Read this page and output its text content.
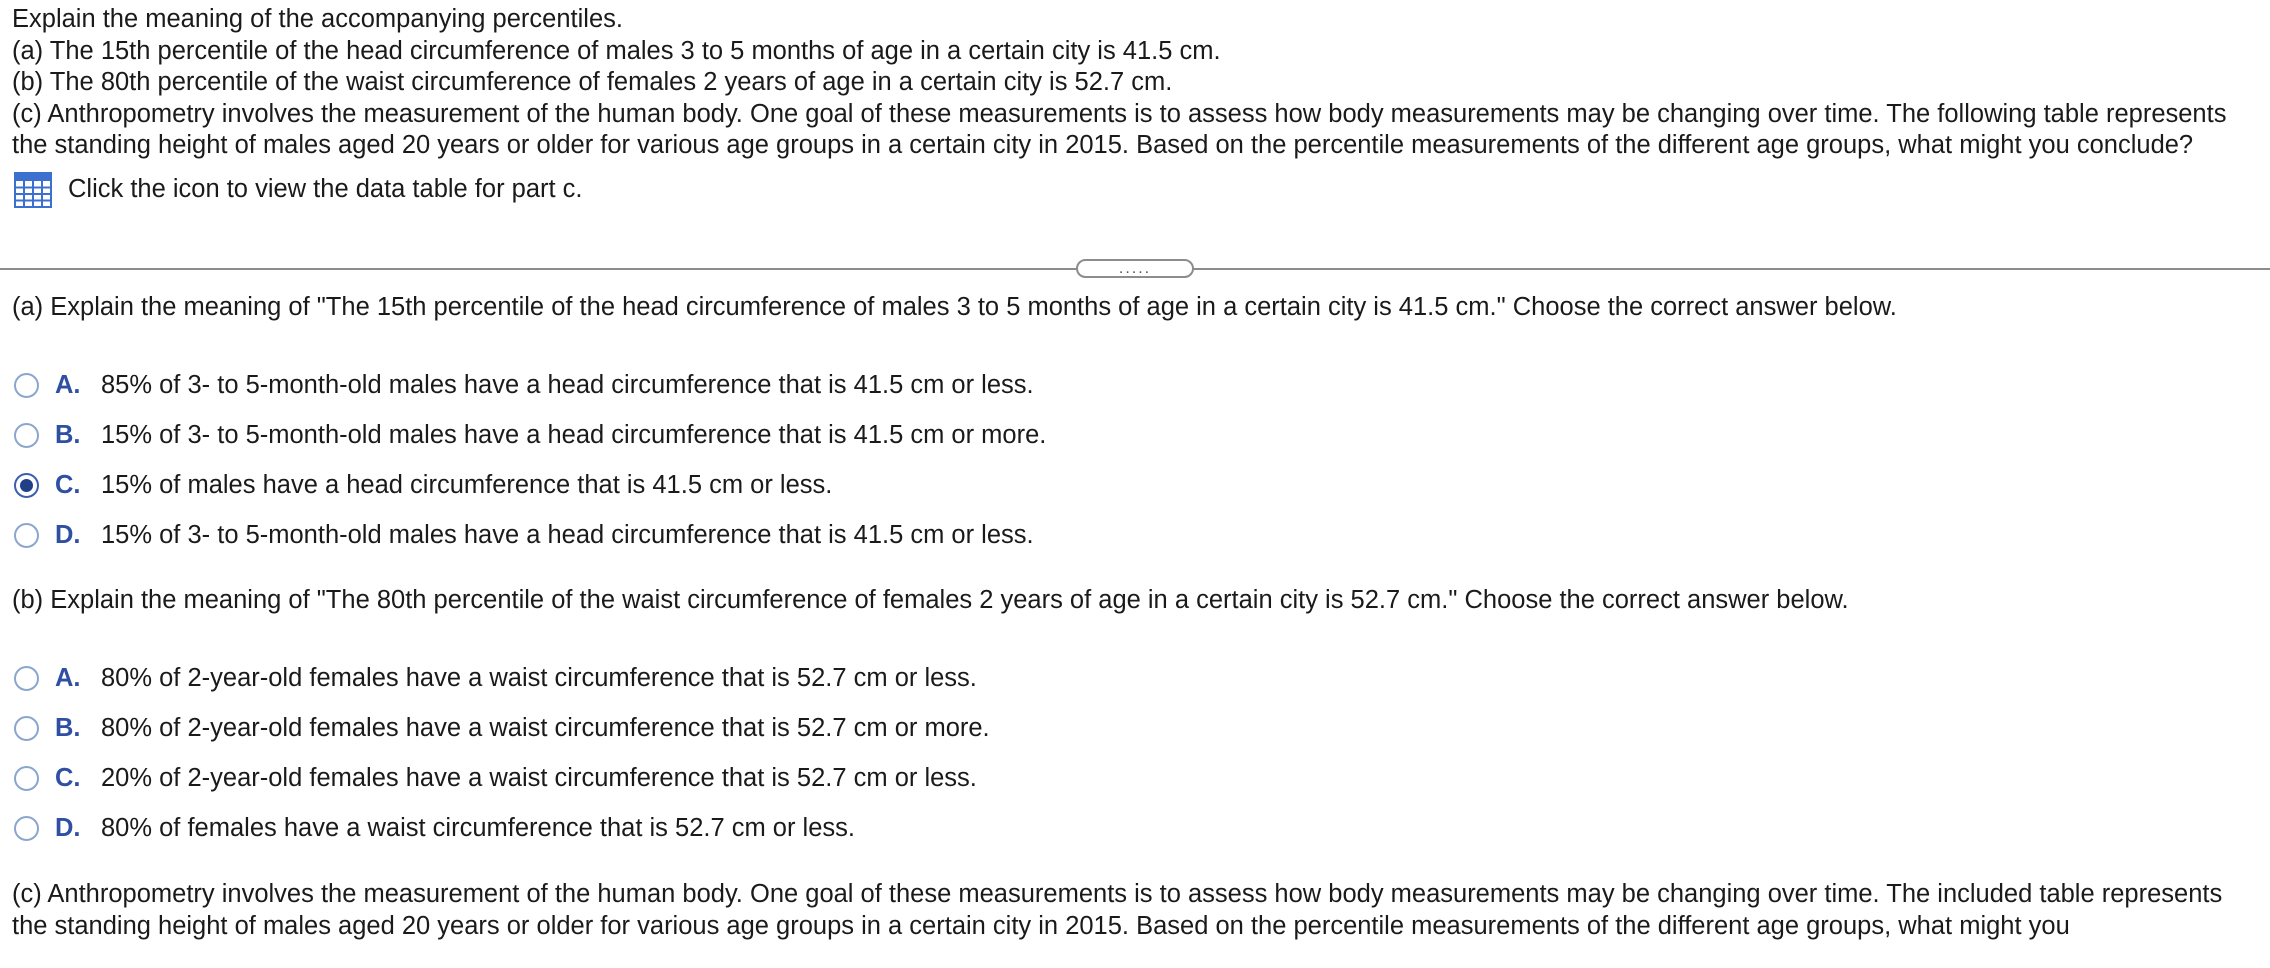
Explain the meaning of the accompanying percentiles.

(a) The 15th percentile of the head circumference of males 3 to 5 months of age in a certain city is 41.5 cm.

(b) The 80th percentile of the waist circumference of females 2 years of age in a certain city is 52.7 cm.

(c) Anthropometry involves the measurement of the human body. One goal of these measurements is to assess how body measurements may be changing over time. The following table represents the standing height of males aged 20 years or older for various age groups in a certain city in 2015. Based on the percentile measurements of the different age groups, what might you conclude?

Click the icon to view the data table for part c.
.....
(a) Explain the meaning of "The 15th percentile of the head circumference of males 3 to 5 months of age in a certain city is 41.5 cm." Choose the correct answer below.
A. 85% of 3- to 5-month-old males have a head circumference that is 41.5 cm or less.
B. 15% of 3- to 5-month-old males have a head circumference that is 41.5 cm or more.
C. 15% of males have a head circumference that is 41.5 cm or less.
D. 15% of 3- to 5-month-old males have a head circumference that is 41.5 cm or less.
(b) Explain the meaning of "The 80th percentile of the waist circumference of females 2 years of age in a certain city is 52.7 cm." Choose the correct answer below.
A. 80% of 2-year-old females have a waist circumference that is 52.7 cm or less.
B. 80% of 2-year-old females have a waist circumference that is 52.7 cm or more.
C. 20% of 2-year-old females have a waist circumference that is 52.7 cm or less.
D. 80% of females have a waist circumference that is 52.7 cm or less.
(c) Anthropometry involves the measurement of the human body. One goal of these measurements is to assess how body measurements may be changing over time. The included table represents the standing height of males aged 20 years or older for various age groups in a certain city in 2015. Based on the percentile measurements of the different age groups, what might you
